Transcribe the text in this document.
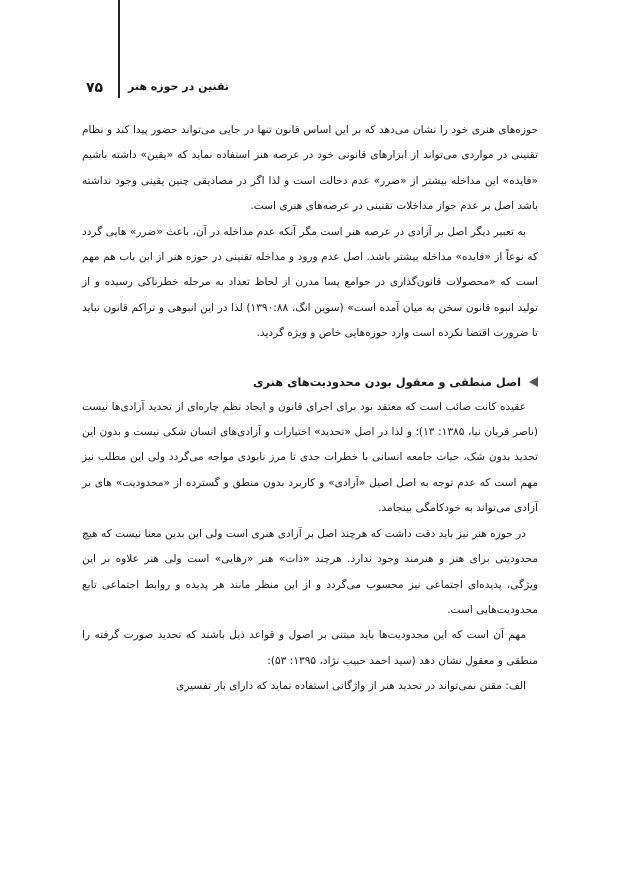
۷۵ تقنین در حوزه هنر

حوزه‌های هنری خود را نشان می‌دهد که بر این اساس قانون تنها در جایی می‌تواند حضور پیدا کند و نظام تقنینی در مواردی می‌تواند از ابزارهای قانونی خود در عرصه هنر استفاده نماید که «یقین» داشته باشیم «فایده» این مداخله بیشتر از «ضرر» عدم دخالت است و لذا اگر در مصادیقی چنین یقینی وجود نداشته باشد اصل بر عدم جواز مداخلات تقنینی در عرصه‌های هنری است.

به تعبیر دیگر اصل بر آزادی در عرصه هنر است مگر آنکه عدم مداخله در آن، باعث «ضرر» هایی گردد که نوعاً از «فایده» مداخله بیشتر باشد. اصل عدم ورود و مداخله تقنینی در حوزه هنر از این باب هم مهم است که «محصولات قانون‌گذاری در جوامع پسا مدرن از لحاظ تعداد به مرحله خطرناکی رسیده و از تولید انبوه قانون سخن به میان آمده است» (سوین انگ، ۱۳۹۰:۸۸) لذا در این انبوهی و تراکم قانون نباید تا ضرورت اقتضا نکرده است وارد حوزه‌هایی خاص و ویژه گردید.

اصل منطقی و معقول بودن محدودیت‌های هنری

عقیده کانت صائب است که معتقد بود برای اجرای قانون و ایجاد نظم چاره‌ای از تحدید آزادی‌ها نیست (ناصر قربان نیا، ۱۳۸۵: ۱۳)؛ و لذا در اصل «تحدید» اختیارات و آزادی‌های انسان شکی نیست و بدون این تحدید بدون شک، حیات جامعه انسانی با خطرات جدی تا مرز نابودی مواجه می‌گردد ولی این مطلب نیز مهم است که عدم توجه به اصل اصیل «آزادی» و کاربرد بدون منطق و گسترده از «محدودیت» های بر آزادی می‌تواند به خودکامگی بینجامد.

در حوزه هنر نیز باید دقت داشت که هرچند اصل بر آزادی هنری است ولی این بدین معنا نیست که هیچ محدودیتی برای هنر و هنرمند وجود ندارد. هرچند «ذات» هنر «رهایی» است ولی هنر علاوه بر این ویژگی، پدیده‌ای اجتماعی نیز محسوب می‌گردد و از این منظر مانند هر پدیده و روابط اجتماعی تابع محدودیت‌هایی است.

مهم آن است که این محدودیت‌ها باید مبتنی بر اصول و قواعد ذیل باشند که تحدید صورت گرفته را منطقی و معقول نشان دهد (سید احمد حبیب نژاد، ۱۳۹۵: ۵۳):

الف: مقنن نمی‌تواند در تحدید هنر از واژگانی استفاده نماید که دارای بار تفسیری
